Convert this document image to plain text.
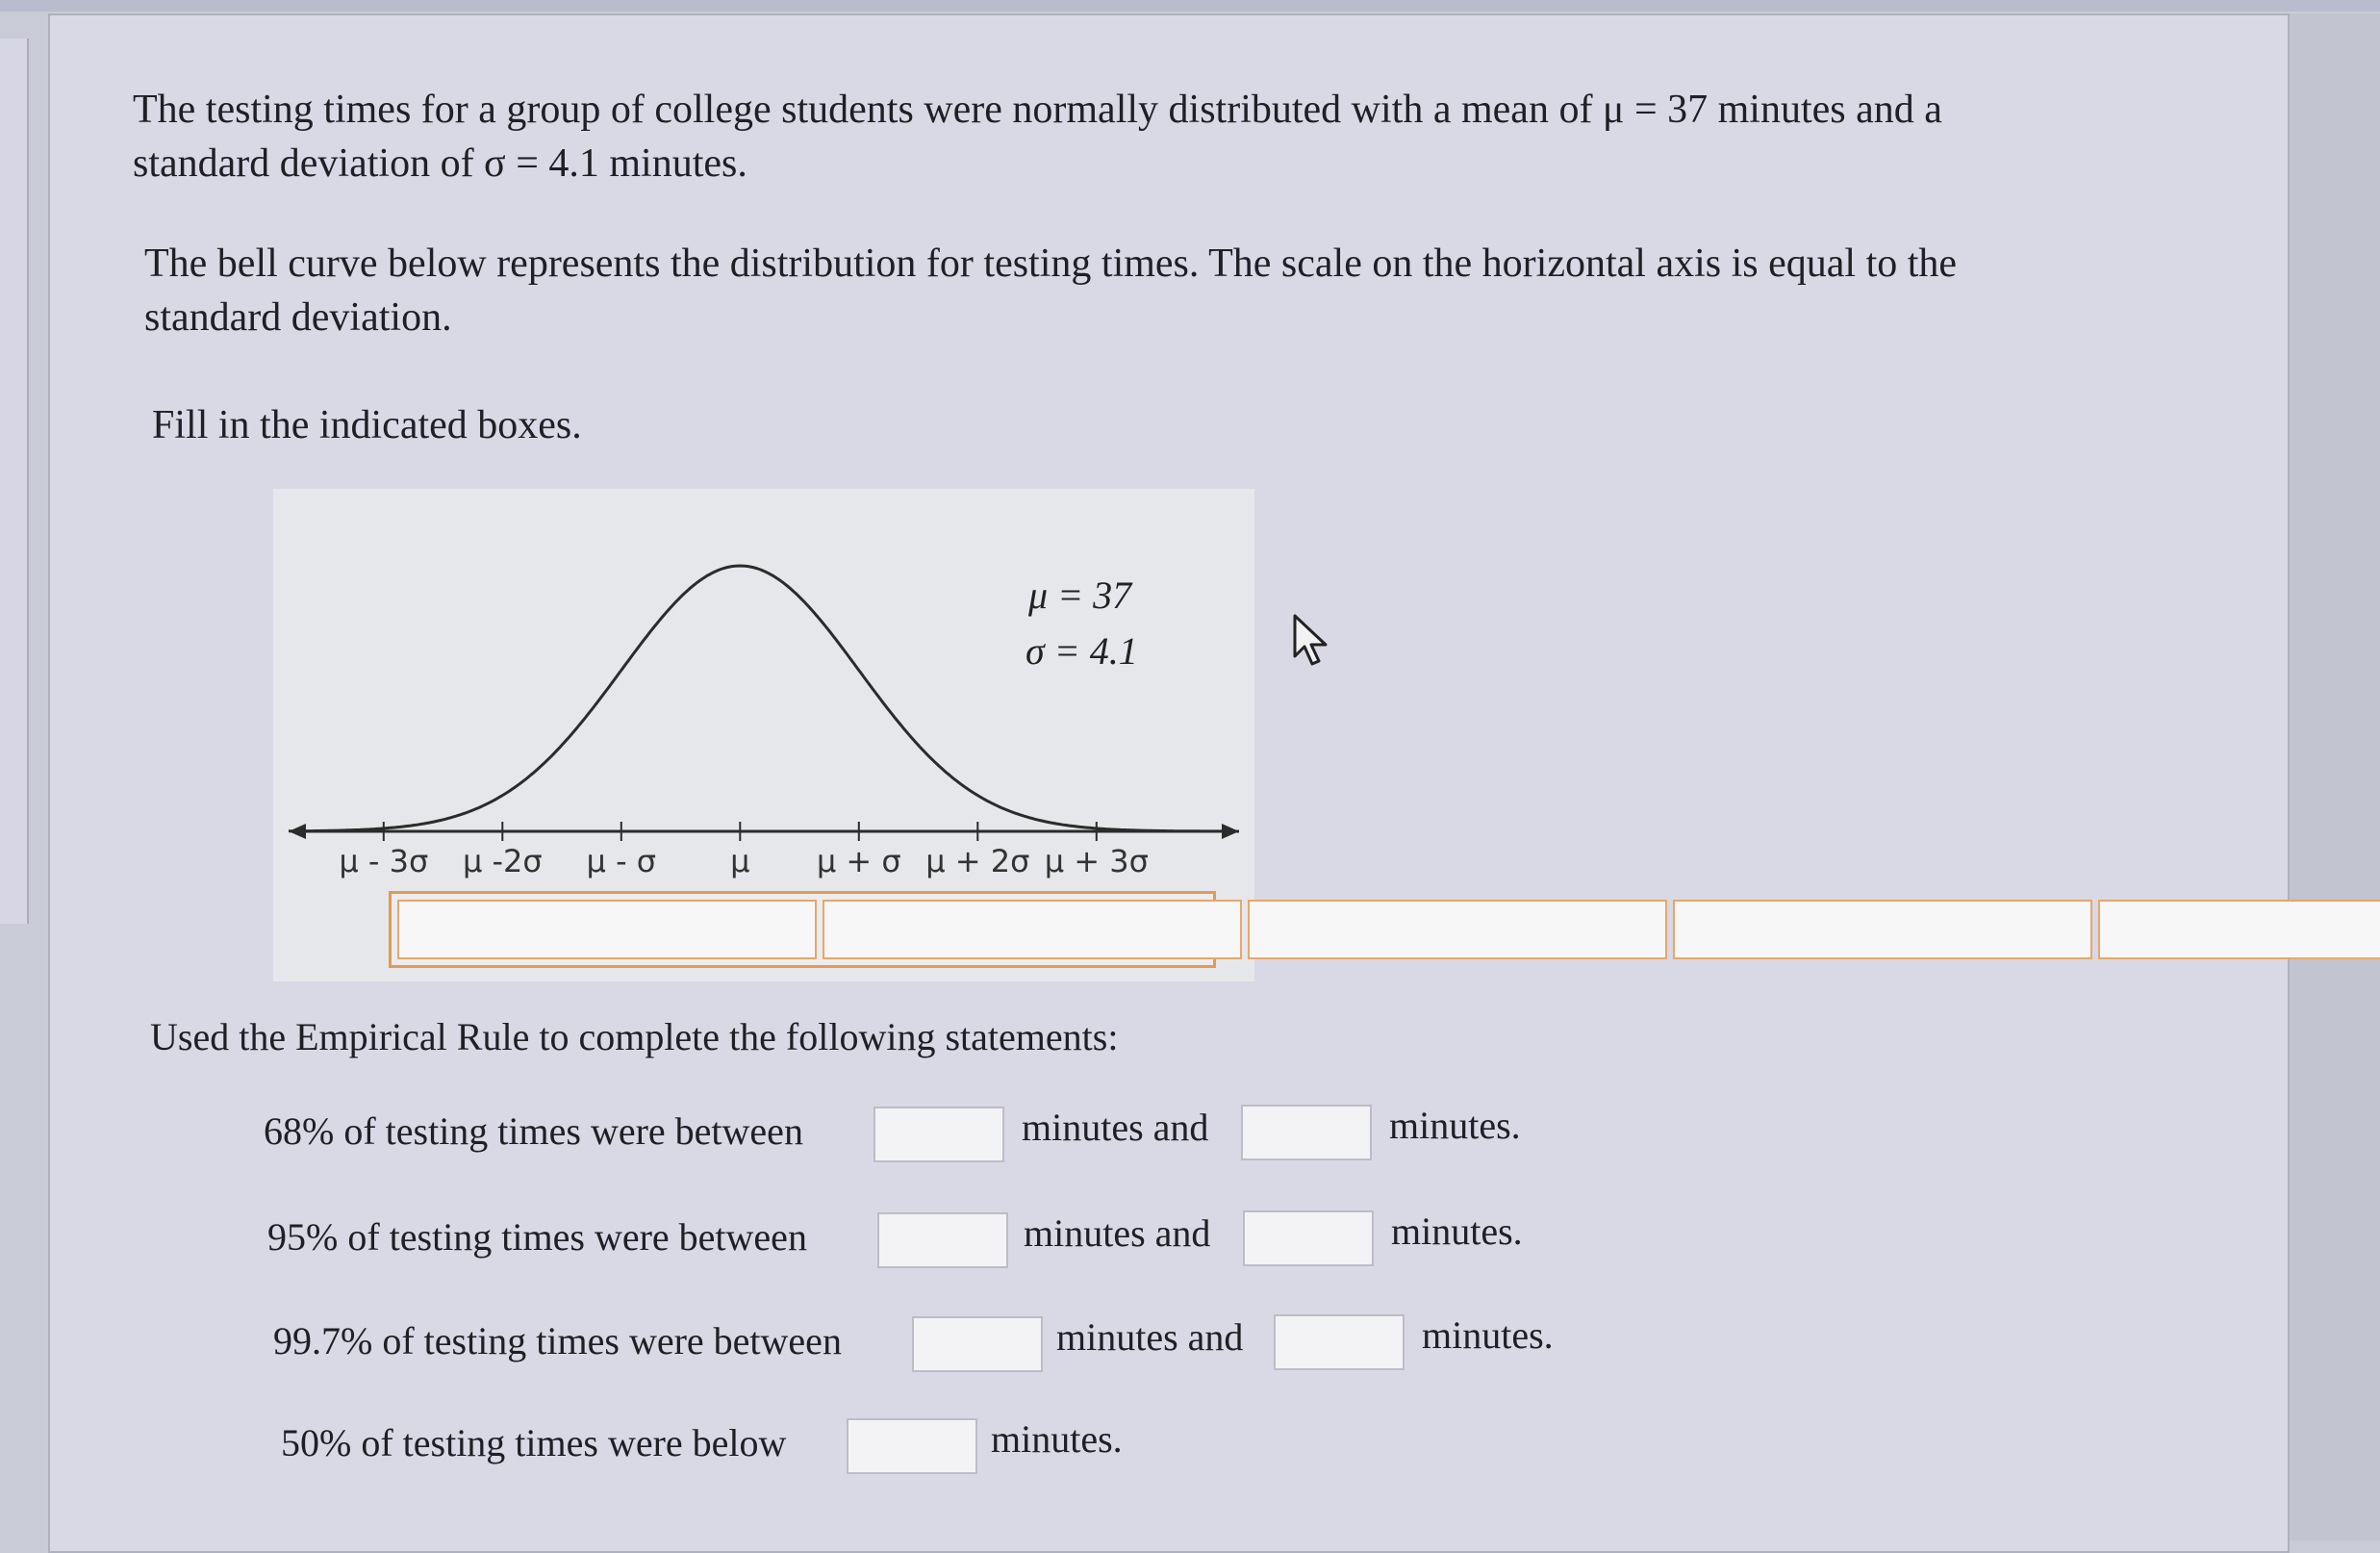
The testing times for a group of college students were normally distributed with a mean of μ = 37 minutes and a
standard deviation of σ = 4.1 minutes.
The bell curve below represents the distribution for testing times. The scale on the horizontal axis is equal to the
standard deviation.
Fill in the indicated boxes.
μ - 3σ μ -2σ μ - σ μ μ + σ μ + 2σ μ + 3σ
μ = 37
σ = 4.1
Used the Empirical Rule to complete the following statements:
68% of testing times were between	minutes and	minutes.
95% of testing times were between	minutes and	minutes.
99.7% of testing times were between	minutes and	minutes.
50% of testing times were below	minutes.
